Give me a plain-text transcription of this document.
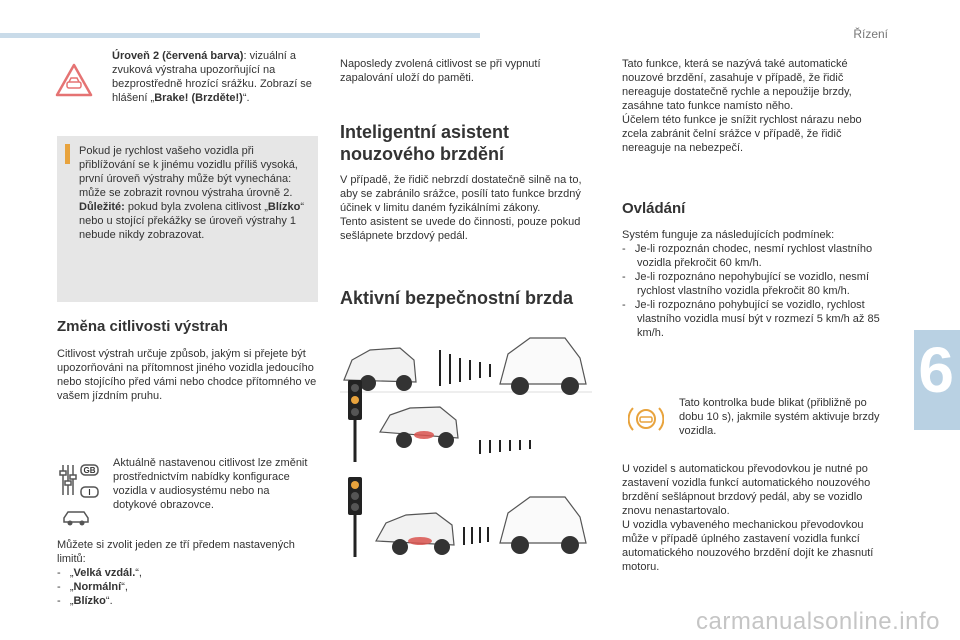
Řízení
6
carmanualsonline.info

Úroveň 2 (červená barva): vizuální a zvuková výstraha upozorňující na bezprostředně hrozící srážku. Zobrazí se hlášení „Brake! (Brzděte!)“.

Pokud je rychlost vašeho vozidla při přiblížování se k jinému vozidlu příliš vysoká, první úroveň výstrahy může být vynechána: může se zobrazit rovnou výstraha úrovně 2.
Důležité: pokud byla zvolena citlivost „Blízko“ nebo u stojící překážky se úroveň výstrahy 1 nebude nikdy zobrazovat.

Změna citlivosti výstrah

Citlivost výstrah určuje způsob, jakým si přejete být upozorňováni na přítomnost jiného vozidla jedoucího nebo stojícího před vámi nebo chodce přítomného ve vašem jízdním pruhu.

GB
I

Aktuálně nastavenou citlivost lze změnit prostřednictvím nabídky konfigurace vozidla v audiosystému nebo na dotykové obrazovce.

Můžete si zvolit jeden ze tří předem nastavených limitů:
-   „Velká vzdál.“,
-   „Normální“,
-   „Blízko“.

Naposledy zvolená citlivost se při vypnutí zapalování uloží do paměti.

Inteligentní asistent nouzového brzdění

V případě, že řidič nebrzdí dostatečně silně na to, aby se zabránilo srážce, posílí tato funkce brzdný účinek v limitu daném fyzikálními zákony.
Tento asistent se uvede do činnosti, pouze pokud sešlápnete brzdový pedál.

Aktivní bezpečnostní brzda

Tato funkce, která se nazývá také automatické nouzové brzdění, zasahuje v případě, že řidič nereaguje dostatečně rychle a nepoužije brzdy, zasáhne tato funkce namísto něho.
Účelem této funkce je snížit rychlost nárazu nebo zcela zabránit čelní srážce v případě, že řidič nereaguje na nebezpečí.

Ovládání
Systém funguje za následujících podmínek:
-   Je-li rozpoznán chodec, nesmí rychlost vlastního vozidla překročit 60 km/h.
-   Je-li rozpoznáno nepohybující se vozidlo, nesmí rychlost vlastního vozidla překročit 80 km/h.
-   Je-li rozpoznáno pohybující se vozidlo, rychlost vlastního vozidla musí být v rozmezí 5 km/h až 85 km/h.

Tato kontrolka bude blikat (přibližně po dobu 10 s), jakmile systém aktivuje brzdy vozidla.

U vozidel s automatickou převodovkou je nutné po zastavení vozidla funkcí automatického nouzového brzdění sešlápnout brzdový pedál, aby se vozidlo znovu nenastartovalo.
U vozidla vybaveného mechanickou převodovkou může v případě úplného zastavení vozidla funkcí automatického nouzového brzdění dojít ke zhasnutí motoru.
